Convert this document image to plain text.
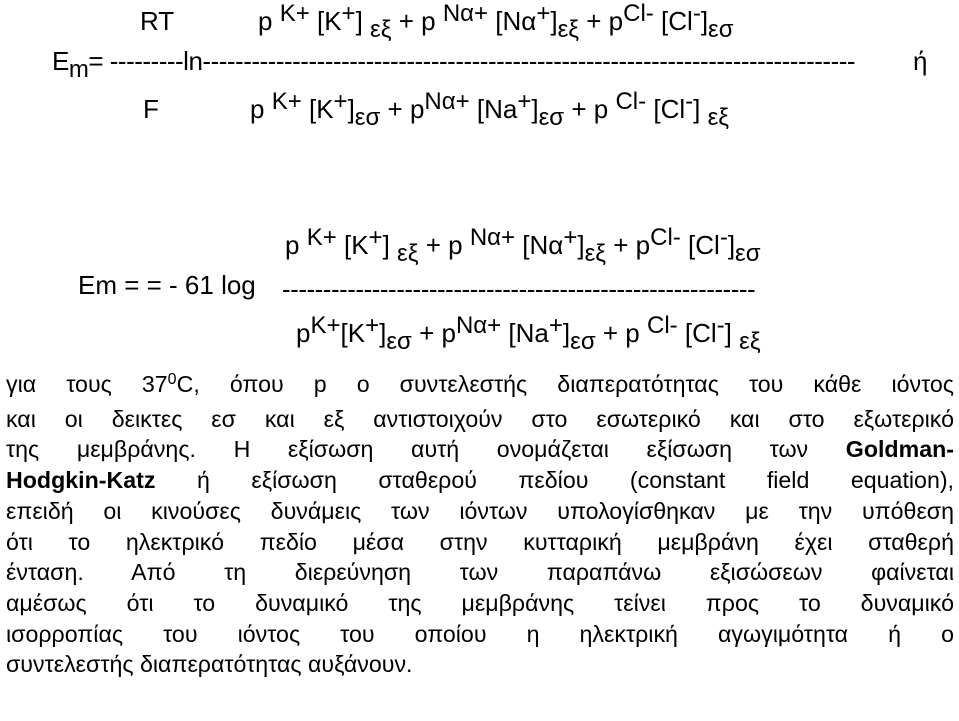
RT	p K+ [K+] εξ + p Να+ [Να+]εξ + pCl- [Cl-]εσ
Em= ---------ln-------------------------------------------------------------------------------- ή
F	p K+ [K+]εσ + pΝα+ [Na+]εσ + p Cl- [Cl-] εξ
p K+ [K+] εξ + p Να+ [Να+]εξ + pCl- [Cl-]εσ
Em = = - 61 log ----------------------------------------------------------
pK+[K+]εσ + pΝα+ [Na+]εσ + p Cl- [Cl-] εξ
για τους $37^0C$, όπου p ο συντελεστής διαπερατότητας του κάθε ιόντος
και οι δεικτες εσ και εξ αντιστοιχούν στο εσωτερικό και στο εξωτερικό
της μεμβράνης. Η εξίσωση αυτή ονομάζεται εξίσωση των Goldman-
Hodgkin-Katz ή εξίσωση σταθερού πεδίου (constant field equation),
επειδή οι κινούσες δυνάμεις των ιόντων υπολογίσθηκαν με την υπόθεση
ότι το ηλεκτρικό πεδίο μέσα στην κυτταρική μεμβράνη έχει σταθερή
ένταση. Από τη διερεύνηση των παραπάνω εξισώσεων φαίνεται
αμέσως ότι το δυναμικό της μεμβράνης τείνει προς το δυναμικό
ισορροπίας του ιόντος του οποίου η ηλεκτρική αγωγιμότητα ή ο
συντελεστής διαπερατότητας αυξάνουν.
